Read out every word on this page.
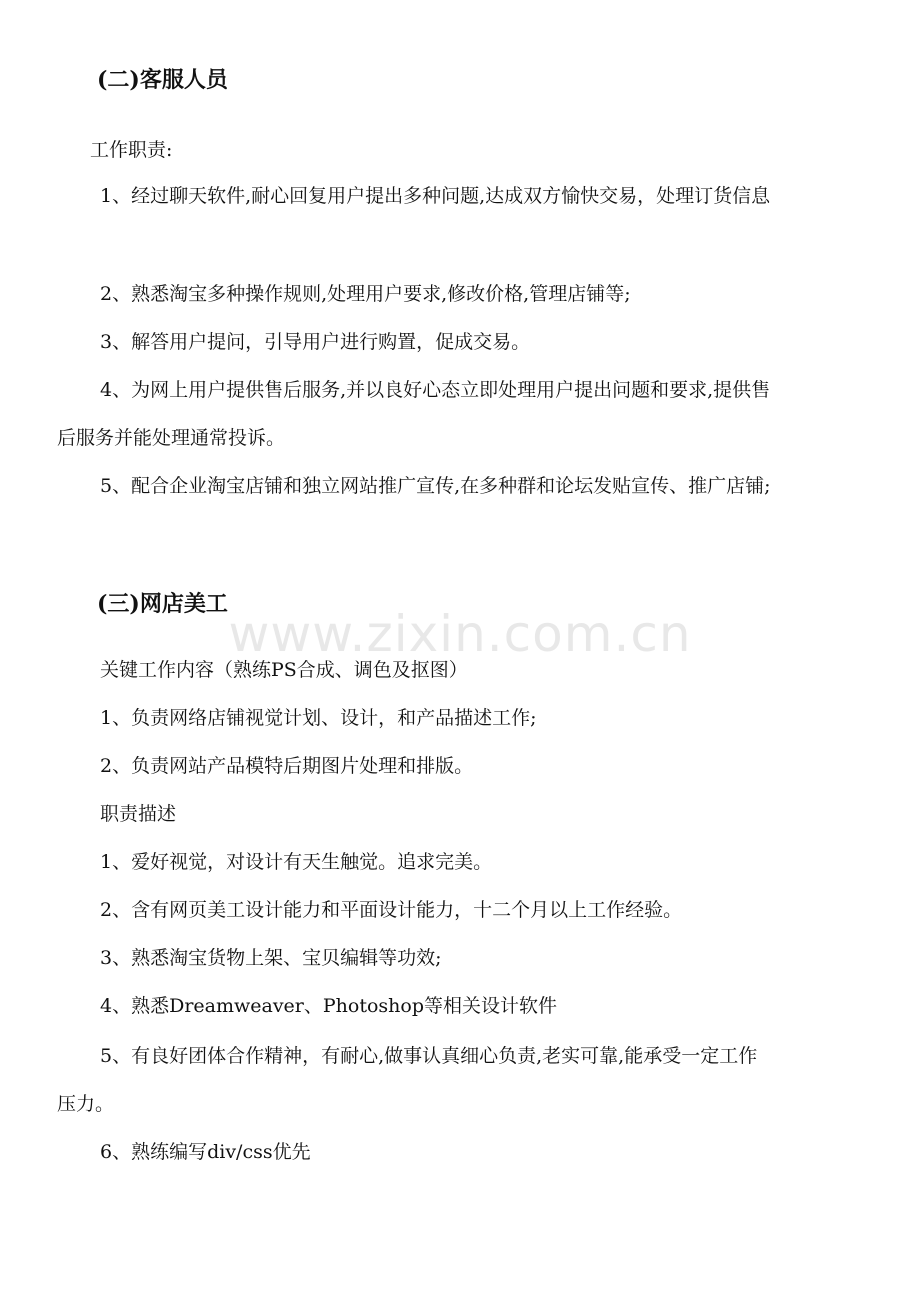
www.zixin.com.cn
(二)客服人员
工作职责:
1、经过聊天软件,耐心回复用户提出多种问题,达成双方愉快交易，处理订货信息
2、熟悉淘宝多种操作规则,处理用户要求,修改价格,管理店铺等;
3、解答用户提问，引导用户进行购置，促成交易。
4、为网上用户提供售后服务,并以良好心态立即处理用户提出问题和要求,提供售
后服务并能处理通常投诉。
5、配合企业淘宝店铺和独立网站推广宣传,在多种群和论坛发贴宣传、推广店铺;
(三)网店美工
关键工作内容（熟练PS合成、调色及抠图）
1、负责网络店铺视觉计划、设计，和产品描述工作;
2、负责网站产品模特后期图片处理和排版。
职责描述
1、爱好视觉，对设计有天生触觉。追求完美。
2、含有网页美工设计能力和平面设计能力，十二个月以上工作经验。
3、熟悉淘宝货物上架、宝贝编辑等功效;
4、熟悉Dreamweaver、Photoshop等相关设计软件
5、有良好团体合作精神，有耐心,做事认真细心负责,老实可靠,能承受一定工作
压力。
6、熟练编写div/css优先
